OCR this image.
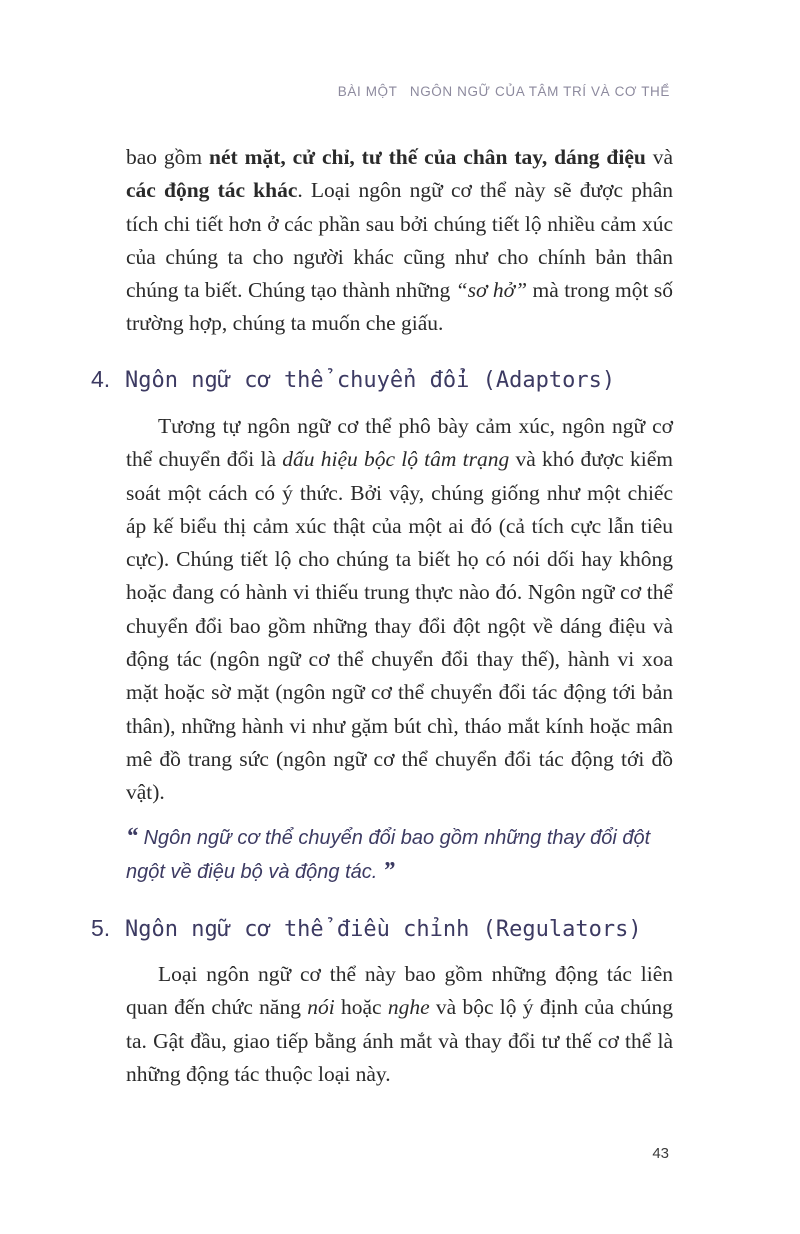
BÀI MỘT NGÔN NGỮ CỦA TÂM TRÍ VÀ CƠ THỂ

bao gồm nét mặt, cử chỉ, tư thế của chân tay, dáng điệu và các động tác khác. Loại ngôn ngữ cơ thể này sẽ được phân tích chi tiết hơn ở các phần sau bởi chúng tiết lộ nhiều cảm xúc của chúng ta cho người khác cũng như cho chính bản thân chúng ta biết. Chúng tạo thành những “sơ hở” mà trong một số trường hợp, chúng ta muốn che giấu.

4. Ngôn ngữ cơ thể chuyển đổi (Adaptors)

Tương tự ngôn ngữ cơ thể phô bày cảm xúc, ngôn ngữ cơ thể chuyển đổi là dấu hiệu bộc lộ tâm trạng và khó được kiểm soát một cách có ý thức. Bởi vậy, chúng giống như một chiếc áp kế biểu thị cảm xúc thật của một ai đó (cả tích cực lẫn tiêu cực). Chúng tiết lộ cho chúng ta biết họ có nói dối hay không hoặc đang có hành vi thiếu trung thực nào đó. Ngôn ngữ cơ thể chuyển đổi bao gồm những thay đổi đột ngột về dáng điệu và động tác (ngôn ngữ cơ thể chuyển đổi thay thế), hành vi xoa mặt hoặc sờ mặt (ngôn ngữ cơ thể chuyển đổi tác động tới bản thân), những hành vi như gặm bút chì, tháo mắt kính hoặc mân mê đồ trang sức (ngôn ngữ cơ thể chuyển đổi tác động tới đồ vật).

“ Ngôn ngữ cơ thể chuyển đổi bao gồm những thay đổi đột ngột về điệu bộ và động tác. ”
5. Ngôn ngữ cơ thể điều chỉnh (Regulators)

Loại ngôn ngữ cơ thể này bao gồm những động tác liên quan đến chức năng nói hoặc nghe và bộc lộ ý định của chúng ta. Gật đầu, giao tiếp bằng ánh mắt và thay đổi tư thế cơ thể là những động tác thuộc loại này.

43
